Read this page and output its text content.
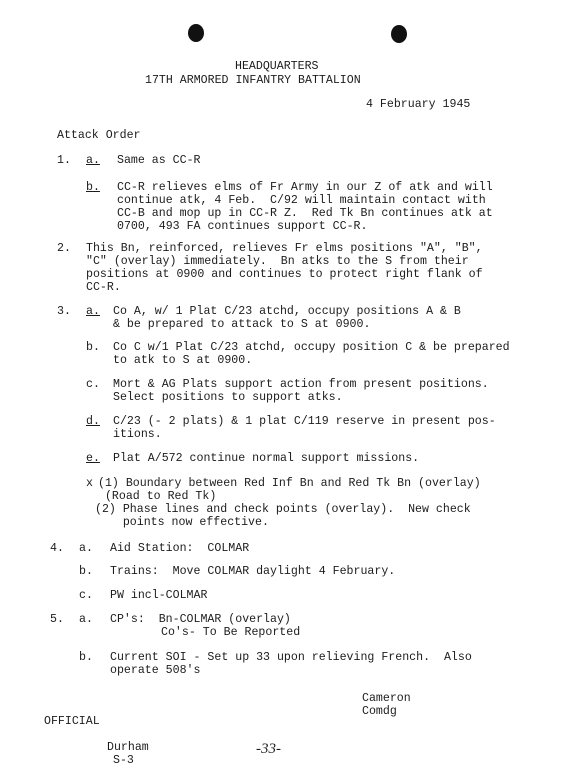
HEADQUARTERS
17TH ARMORED INFANTRY BATTALION
4 February 1945
Attack Order
1. a. Same as CC-R
b. CC-R relieves elms of Fr Army in our Z of atk and will
continue atk, 4 Feb.  C/92 will maintain contact with
CC-B and mop up in CC-R Z.  Red Tk Bn continues atk at
0700, 493 FA continues support CC-R.
2. This Bn, reinforced, relieves Fr elms positions "A", "B",
"C" (overlay) immediately.  Bn atks to the S from their
positions at 0900 and continues to protect right flank of
CC-R.
3. a. Co A, w/ 1 Plat C/23 atchd, occupy positions A & B
& be prepared to attack to S at 0900.
b. Co C w/1 Plat C/23 atchd, occupy position C & be prepared
to atk to S at 0900.
c. Mort & AG Plats support action from present positions.
Select positions to support atks.
d. C/23 (- 2 plats) & 1 plat C/119 reserve in present pos-
itions.
e. Plat A/572 continue normal support missions.
x (1) Boundary between Red Inf Bn and Red Tk Bn (overlay)
(Road to Red Tk)
(2) Phase lines and check points (overlay).  New check
points now effective.
4. a. Aid Station:  COLMAR
b. Trains:  Move COLMAR daylight 4 February.
c. PW incl-COLMAR
5. a. CP's:  Bn-COLMAR (overlay)
Co's- To Be Reported
b. Current SOI - Set up 33 upon relieving French.  Also
operate 508's
Cameron
Comdg
OFFICIAL
Durham
S-3
-33-
